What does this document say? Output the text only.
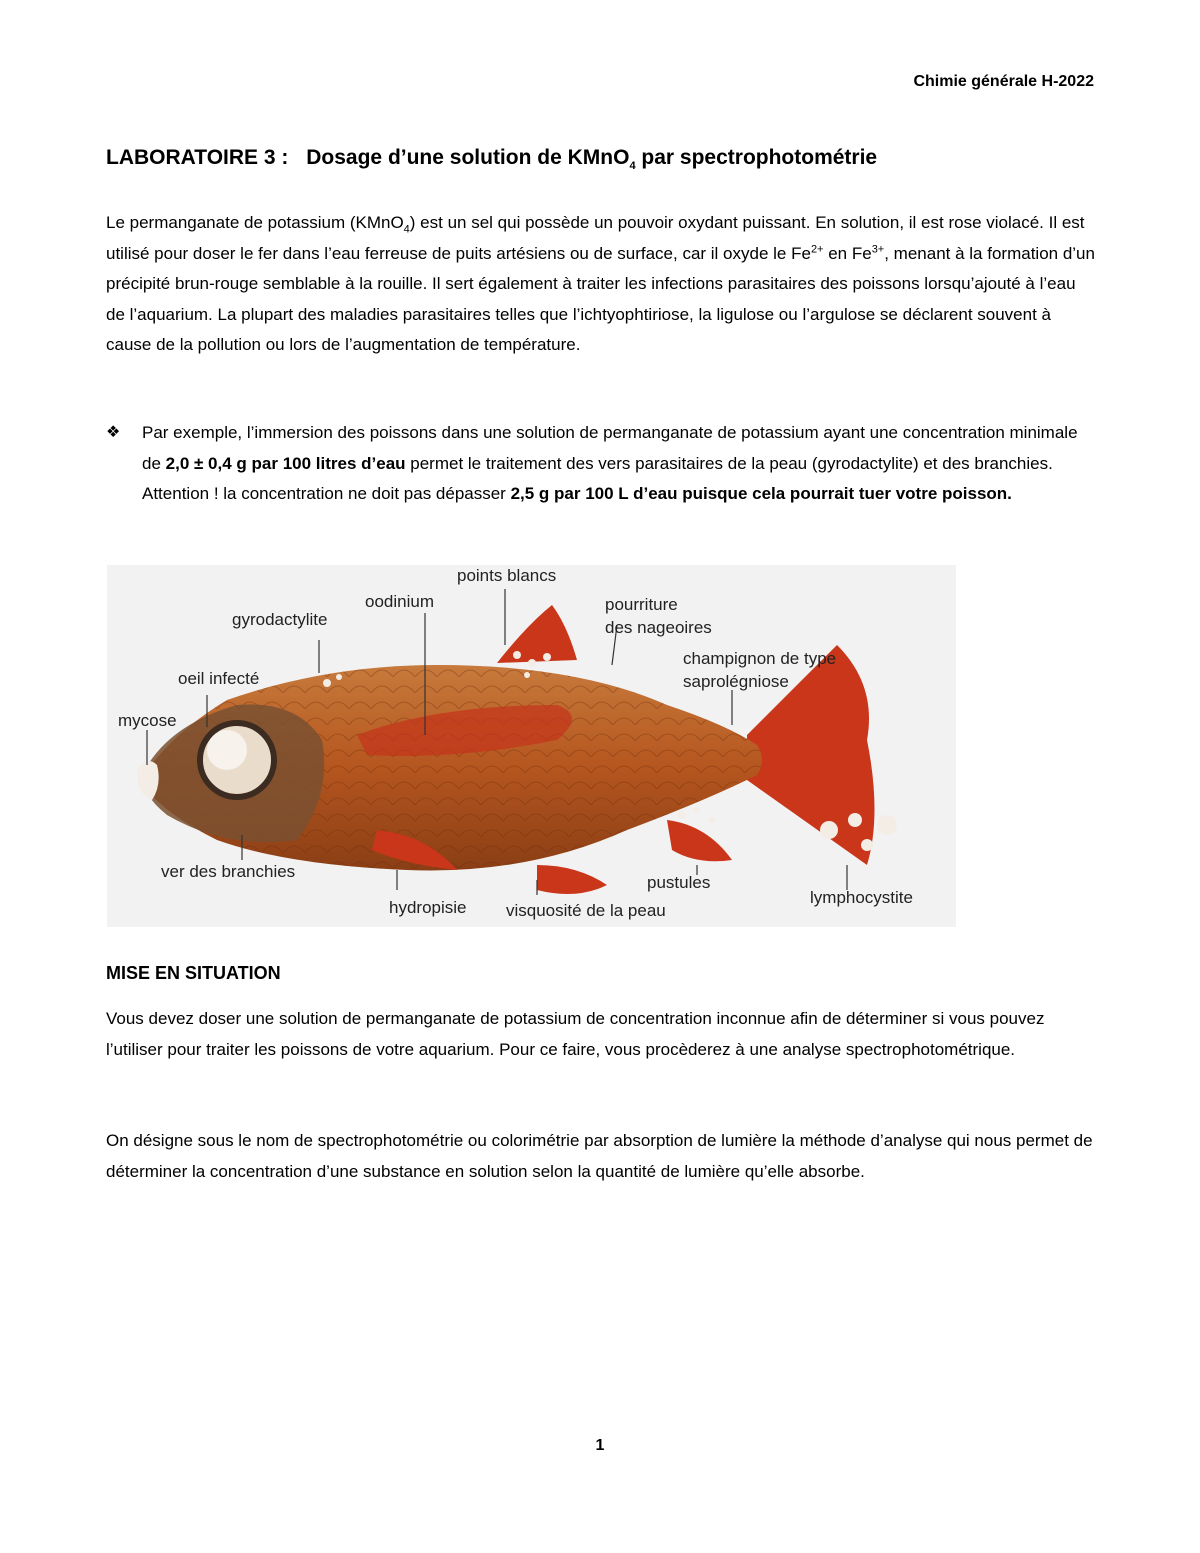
Chimie générale H-2022
LABORATOIRE 3 : Dosage d’une solution de KMnO$_4$ par spectrophotométrie

Le permanganate de potassium (KMnO$_4$) est un sel qui possède un pouvoir oxydant puissant. En solution, il est rose violacé. Il est utilisé pour doser le fer dans l’eau ferreuse de puits artésiens ou de surface, car il oxyde le $Fe^{2+}$ en $Fe^{3+}$, menant à la formation d’un précipité brun-rouge semblable à la rouille. Il sert également à traiter les infections parasitaires des poissons lorsqu’ajouté à l’eau de l’aquarium. La plupart des maladies parasitaires telles que l’ichtyophtiriose, la ligulose ou l’argulose se déclarent souvent à cause de la pollution ou lors de l’augmentation de température.

❖	Par exemple, l’immersion des poissons dans une solution de permanganate de potassium ayant une concentration minimale de 2,0 ± 0,4 g par 100 litres d’eau permet le traitement des vers parasitaires de la peau (gyrodactylite) et des branchies. Attention ! la concentration ne doit pas dépasser 2,5 g par 100 L d’eau puisque cela pourrait tuer votre poisson.
points blancs
oodinium	pourriture
des nageoires
gyrodactylite
champignon de type
saprolégniose
oeil infecté
mycose
ver des branchies
pustules
hydropisie visquosité de la peau
lymphocystite
MISE EN SITUATION

Vous devez doser une solution de permanganate de potassium de concentration inconnue afin de déterminer si vous pouvez l’utiliser pour traiter les poissons de votre aquarium. Pour ce faire, vous procèderez à une analyse spectrophotométrique.

On désigne sous le nom de spectrophotométrie ou colorimétrie par absorption de lumière la méthode d’analyse qui nous permet de déterminer la concentration d’une substance en solution selon la quantité de lumière qu’elle absorbe.

1
